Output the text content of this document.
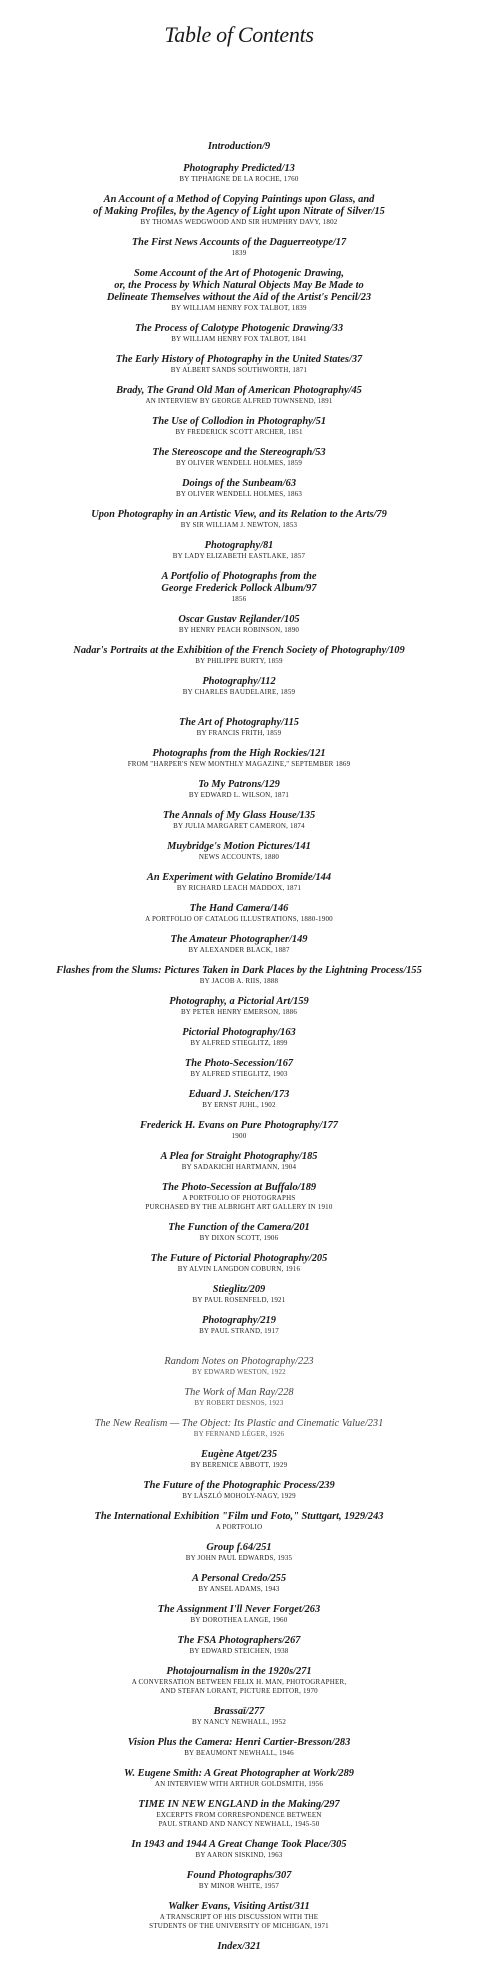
Table of Contents
Introduction/9
Photography Predicted/13
BY TIPHAIGNE DE LA ROCHE, 1760
An Account of a Method of Copying Paintings upon Glass, and
of Making Profiles, by the Agency of Light upon Nitrate of Silver/15
BY THOMAS WEDGWOOD AND SIR HUMPHRY DAVY, 1802
The First News Accounts of the Daguerreotype/17
1839
Some Account of the Art of Photogenic Drawing,
or, the Process by Which Natural Objects May Be Made to
Delineate Themselves without the Aid of the Artist's Pencil/23
BY WILLIAM HENRY FOX TALBOT, 1839
The Process of Calotype Photogenic Drawing/33
BY WILLIAM HENRY FOX TALBOT, 1841
The Early History of Photography in the United States/37
BY ALBERT SANDS SOUTHWORTH, 1871
Brady, The Grand Old Man of American Photography/45
AN INTERVIEW BY GEORGE ALFRED TOWNSEND, 1891
The Use of Collodion in Photography/51
BY FREDERICK SCOTT ARCHER, 1851
The Stereoscope and the Stereograph/53
BY OLIVER WENDELL HOLMES, 1859
Doings of the Sunbeam/63
BY OLIVER WENDELL HOLMES, 1863
Upon Photography in an Artistic View, and its Relation to the Arts/79
BY SIR WILLIAM J. NEWTON, 1853
Photography/81
BY LADY ELIZABETH EASTLAKE, 1857
A Portfolio of Photographs from the
George Frederick Pollock Album/97
1856
Oscar Gustav Rejlander/105
BY HENRY PEACH ROBINSON, 1890
Nadar's Portraits at the Exhibition of the French Society of Photography/109
BY PHILIPPE BURTY, 1859
Photography/112
BY CHARLES BAUDELAIRE, 1859
The Art of Photography/115
BY FRANCIS FRITH, 1859
Photographs from the High Rockies/121
FROM "HARPER'S NEW MONTHLY MAGAZINE," SEPTEMBER 1869
To My Patrons/129
BY EDWARD L. WILSON, 1871
The Annals of My Glass House/135
BY JULIA MARGARET CAMERON, 1874
Muybridge's Motion Pictures/141
NEWS ACCOUNTS, 1880
An Experiment with Gelatino Bromide/144
BY RICHARD LEACH MADDOX, 1871
The Hand Camera/146
A PORTFOLIO OF CATALOG ILLUSTRATIONS, 1880-1900
The Amateur Photographer/149
BY ALEXANDER BLACK, 1887
Flashes from the Slums: Pictures Taken in Dark Places by the Lightning Process/155
BY JACOB A. RIIS, 1888
Photography, a Pictorial Art/159
BY PETER HENRY EMERSON, 1886
Pictorial Photography/163
BY ALFRED STIEGLITZ, 1899
The Photo-Secession/167
BY ALFRED STIEGLITZ, 1903
Eduard J. Steichen/173
BY ERNST JUHL, 1902
Frederick H. Evans on Pure Photography/177
1900
A Plea for Straight Photography/185
BY SADAKICHI HARTMANN, 1904
The Photo-Secession at Buffalo/189
A PORTFOLIO OF PHOTOGRAPHS
PURCHASED BY THE ALBRIGHT ART GALLERY IN 1910
The Function of the Camera/201
BY DIXON SCOTT, 1906
The Future of Pictorial Photography/205
BY ALVIN LANGDON COBURN, 1916
Stieglitz/209
BY PAUL ROSENFELD, 1921
Photography/219
BY PAUL STRAND, 1917
Random Notes on Photography/223
BY EDWARD WESTON, 1922
The Work of Man Ray/228
BY ROBERT DESNOS, 1923
The New Realism — The Object: Its Plastic and Cinematic Value/231
BY FERNAND LÉGER, 1926
Eugène Atget/235
BY BERENICE ABBOTT, 1929
The Future of the Photographic Process/239
BY LÁSZLÓ MOHOLY-NAGY, 1929
The International Exhibition "Film und Foto," Stuttgart, 1929/243
A PORTFOLIO
Group f.64/251
BY JOHN PAUL EDWARDS, 1935
A Personal Credo/255
BY ANSEL ADAMS, 1943
The Assignment I'll Never Forget/263
BY DOROTHEA LANGE, 1960
The FSA Photographers/267
BY EDWARD STEICHEN, 1938
Photojournalism in the 1920s/271
A CONVERSATION BETWEEN FELIX H. MAN, PHOTOGRAPHER,
AND STEFAN LORANT, PICTURE EDITOR, 1970
Brassaï/277
BY NANCY NEWHALL, 1952
Vision Plus the Camera: Henri Cartier-Bresson/283
BY BEAUMONT NEWHALL, 1946
W. Eugene Smith: A Great Photographer at Work/289
AN INTERVIEW WITH ARTHUR GOLDSMITH, 1956
TIME IN NEW ENGLAND in the Making/297
EXCERPTS FROM CORRESPONDENCE BETWEEN
PAUL STRAND AND NANCY NEWHALL, 1945-50
In 1943 and 1944 A Great Change Took Place/305
BY AARON SISKIND, 1963
Found Photographs/307
BY MINOR WHITE, 1957
Walker Evans, Visiting Artist/311
A TRANSCRIPT OF HIS DISCUSSION WITH THE
STUDENTS OF THE UNIVERSITY OF MICHIGAN, 1971
Index/321
